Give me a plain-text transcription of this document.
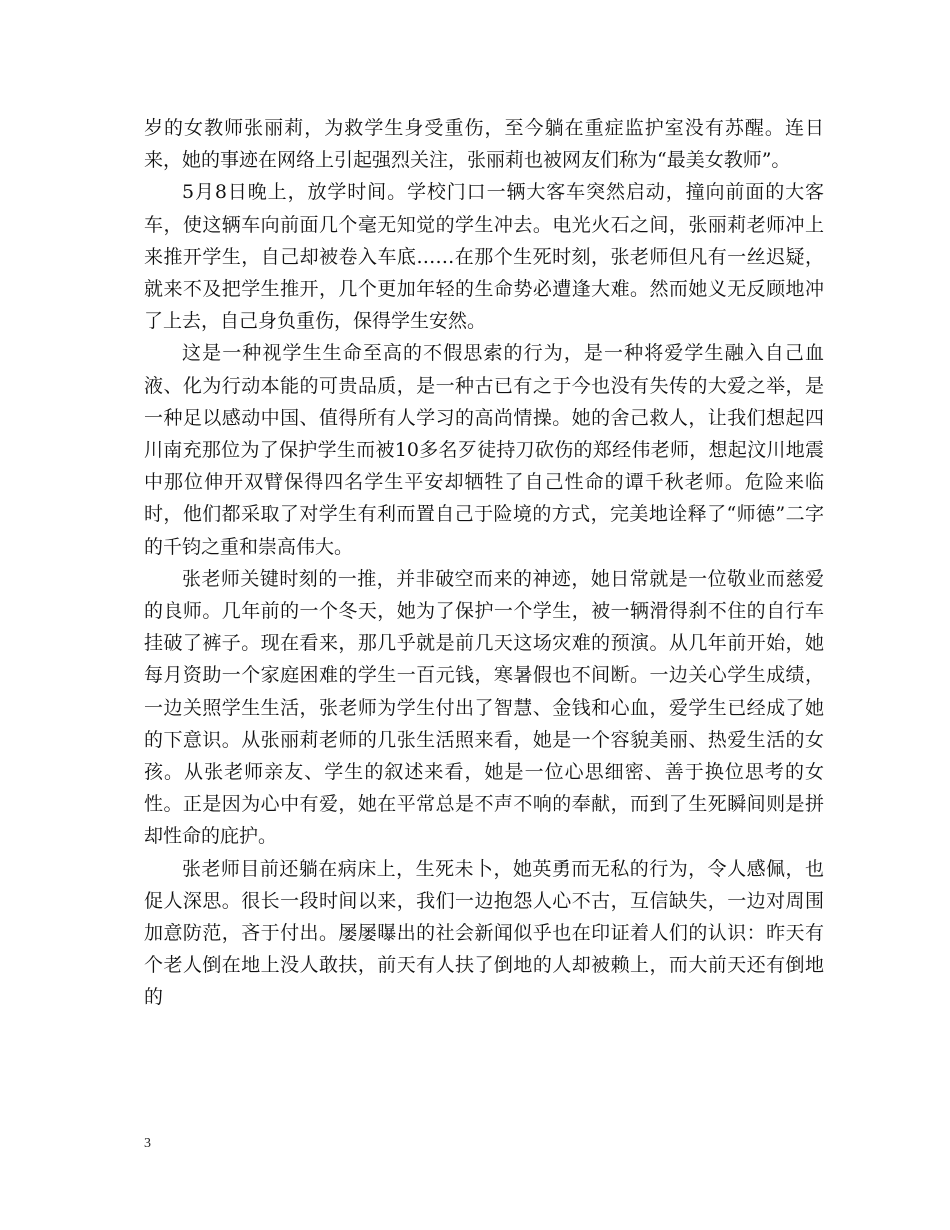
岁的女教师张丽莉，为救学生身受重伤，至今躺在重症监护室没有苏醒。连日来，她的事迹在网络上引起强烈关注，张丽莉也被网友们称为“最美女教师”。

5月8日晚上，放学时间。学校门口一辆大客车突然启动，撞向前面的大客车，使这辆车向前面几个毫无知觉的学生冲去。电光火石之间，张丽莉老师冲上来推开学生，自己却被卷入车底……在那个生死时刻，张老师但凡有一丝迟疑，就来不及把学生推开，几个更加年轻的生命势必遭逢大难。然而她义无反顾地冲了上去，自己身负重伤，保得学生安然。

这是一种视学生生命至高的不假思索的行为，是一种将爱学生融入自己血液、化为行动本能的可贵品质，是一种古已有之于今也没有失传的大爱之举，是一种足以感动中国、值得所有人学习的高尚情操。她的舍己救人，让我们想起四川南充那位为了保护学生而被10多名歹徒持刀砍伤的郑经伟老师，想起汶川地震中那位伸开双臂保得四名学生平安却牺牲了自己性命的谭千秋老师。危险来临时，他们都采取了对学生有利而置自己于险境的方式，完美地诠释了“师德”二字的千钧之重和崇高伟大。

张老师关键时刻的一推，并非破空而来的神迹，她日常就是一位敬业而慈爱的良师。几年前的一个冬天，她为了保护一个学生，被一辆滑得刹不住的自行车挂破了裤子。现在看来，那几乎就是前几天这场灾难的预演。从几年前开始，她每月资助一个家庭困难的学生一百元钱，寒暑假也不间断。一边关心学生成绩，一边关照学生生活，张老师为学生付出了智慧、金钱和心血，爱学生已经成了她的下意识。从张丽莉老师的几张生活照来看，她是一个容貌美丽、热爱生活的女孩。从张老师亲友、学生的叙述来看，她是一位心思细密、善于换位思考的女性。正是因为心中有爱，她在平常总是不声不响的奉献，而到了生死瞬间则是拼却性命的庇护。

张老师目前还躺在病床上，生死未卜，她英勇而无私的行为，令人感佩，也促人深思。很长一段时间以来，我们一边抱怨人心不古，互信缺失，一边对周围加意防范，吝于付出。屡屡曝出的社会新闻似乎也在印证着人们的认识：昨天有个老人倒在地上没人敢扶，前天有人扶了倒地的人却被赖上，而大前天还有倒地的

3
